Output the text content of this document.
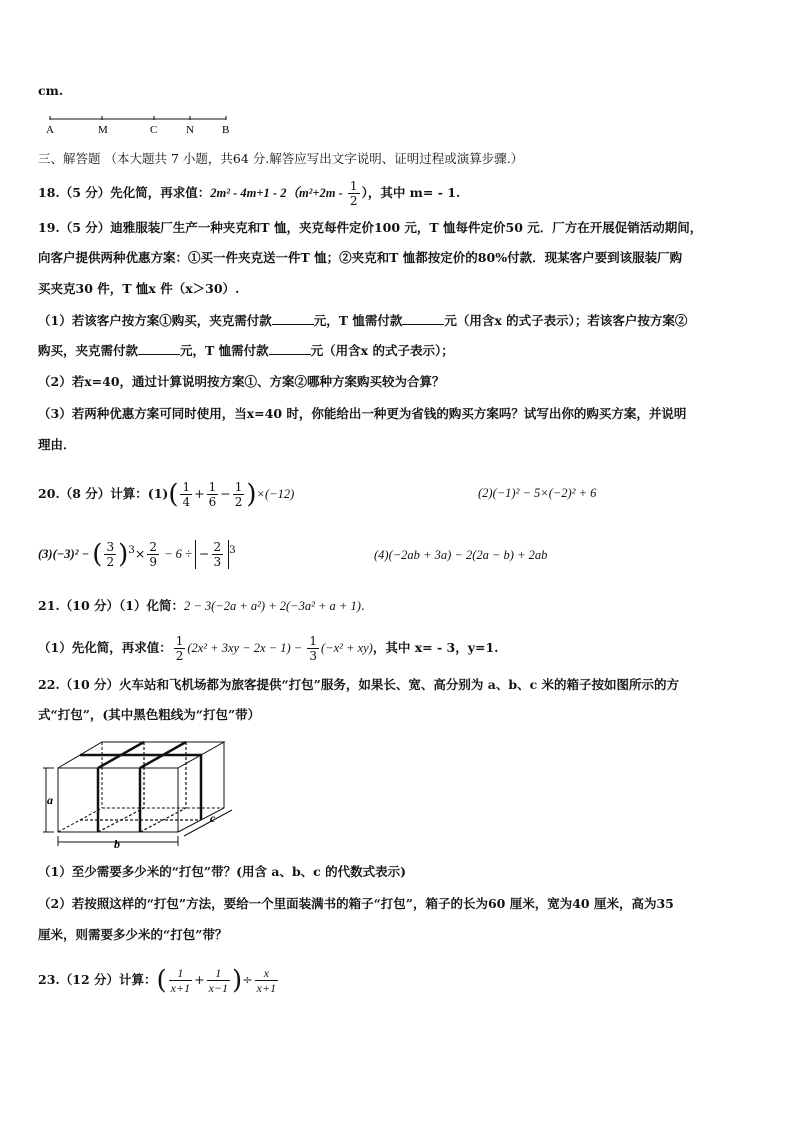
cm.
A	M	C	N	B
三、解答题 （本大题共 7 小题，共64 分.解答应写出文字说明、证明过程或演算步骤.）
18.（5 分）先化简，再求值：$2m^2 - 4m+1 - 2(m^2+2m - \frac{1}{2}$ ），其中 m= - 1.
19.（5 分）迪雅服装厂生产一种夹克和T 恤，夹克每件定价100 元，T 恤每件定价50 元．厂方在开展促销活动期间，
向客户提供两种优惠方案：①买一件夹克送一件T 恤；②夹克和T 恤都按定价的80%付款．现某客户要到该服装厂购
买夹克30 件，T 恤x 件（x＞30）.
（1）若该客户按方案①购买，夹克需付款	元，T 恤需付款	元（用含x 的式子表示）；若该客户按方案②
购买，夹克需付款	元，T 恤需付款	元（用含x 的式子表示）；
（2）若x=40，通过计算说明按方案①、方案②哪种方案购买较为合算？
（3）若两种优惠方案可同时使用，当x=40 时，你能给出一种更为省钱的购买方案吗？试写出你的购买方案，并说明
理由．
20.（8 分）计算：$(1)( \frac{1}{4} + \frac{1}{6} - \frac{1}{2} )\times(-12)$	(2)(−1)² − 5×(−2)² + 6
(3)(−3)² − ( $\frac{3}{2} )^3\times \frac{2}{9} - 6$ ÷ − $\frac{2}{3} ^3$	(4)(−2ab + 3a) − 2(2a − b) + 2ab
21.（10 分）（1）化简：2 − 3(−2a + a²) + 2(−3a² + a + 1).
（1）先化简，再求值： $\frac{1}{2} (2x^2 + 3xy - 2x - 1) - \frac{1}{3} (-x^2 + xy)$，其中 x= - 3，y=1.
22.（10 分）火车站和飞机场都为旅客提供“打包”服务，如果长、宽、高分别为 a、b、c 米的箱子按如图所示的方
式“打包”，(其中黑色粗线为“打包”带）
a
b
c
（1）至少需要多少米的“打包”带？(用含 a、b、c 的代数式表示)
（2）若按照这样的“打包”方法，要给一个里面装满书的箱子“打包”，箱子的长为60 厘米，宽为40 厘米，高为35
厘米，则需要多少米的“打包”带？
23.（12 分）计算：( $\frac{1}{x+1} + \frac{1}{x-1}$ )÷ $\frac{x}{x+1}$
